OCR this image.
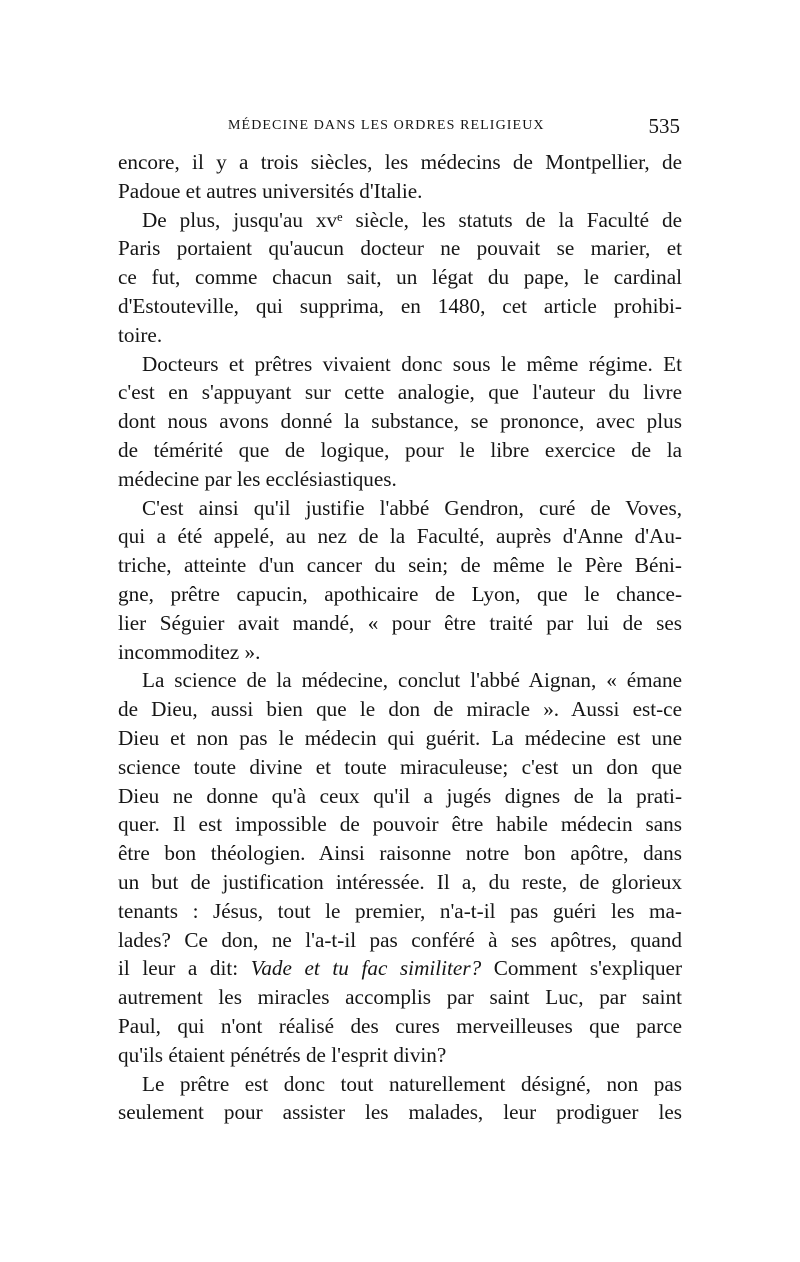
MÉDECINE DANS LES ORDRES RELIGIEUX	535
encore, il y a trois siècles, les médecins de Montpellier, de
Padoue et autres universités d'Italie.
De plus, jusqu'au xvᵉ siècle, les statuts de la Faculté de
Paris portaient qu'aucun docteur ne pouvait se marier, et
ce fut, comme chacun sait, un légat du pape, le cardinal
d'Estouteville, qui supprima, en 1480, cet article prohibi-
toire.
Docteurs et prêtres vivaient donc sous le même régime. Et
c'est en s'appuyant sur cette analogie, que l'auteur du livre
dont nous avons donné la substance, se prononce, avec plus
de témérité que de logique, pour le libre exercice de la
médecine par les ecclésiastiques.
C'est ainsi qu'il justifie l'abbé Gendron, curé de Voves,
qui a été appelé, au nez de la Faculté, auprès d'Anne d'Au-
triche, atteinte d'un cancer du sein; de même le Père Béni-
gne, prêtre capucin, apothicaire de Lyon, que le chance-
lier Séguier avait mandé, « pour être traité par lui de ses
incommoditez ».
La science de la médecine, conclut l'abbé Aignan, « émane
de Dieu, aussi bien que le don de miracle ». Aussi est-ce
Dieu et non pas le médecin qui guérit. La médecine est une
science toute divine et toute miraculeuse; c'est un don que
Dieu ne donne qu'à ceux qu'il a jugés dignes de la prati-
quer. Il est impossible de pouvoir être habile médecin sans
être bon théologien. Ainsi raisonne notre bon apôtre, dans
un but de justification intéressée. Il a, du reste, de glorieux
tenants : Jésus, tout le premier, n'a-t-il pas guéri les ma-
lades? Ce don, ne l'a-t-il pas conféré à ses apôtres, quand
il leur a dit: Vade et tu fac similiter? Comment s'expliquer
autrement les miracles accomplis par saint Luc, par saint
Paul, qui n'ont réalisé des cures merveilleuses que parce
qu'ils étaient pénétrés de l'esprit divin?
Le prêtre est donc tout naturellement désigné, non pas
seulement pour assister les malades, leur prodiguer les
